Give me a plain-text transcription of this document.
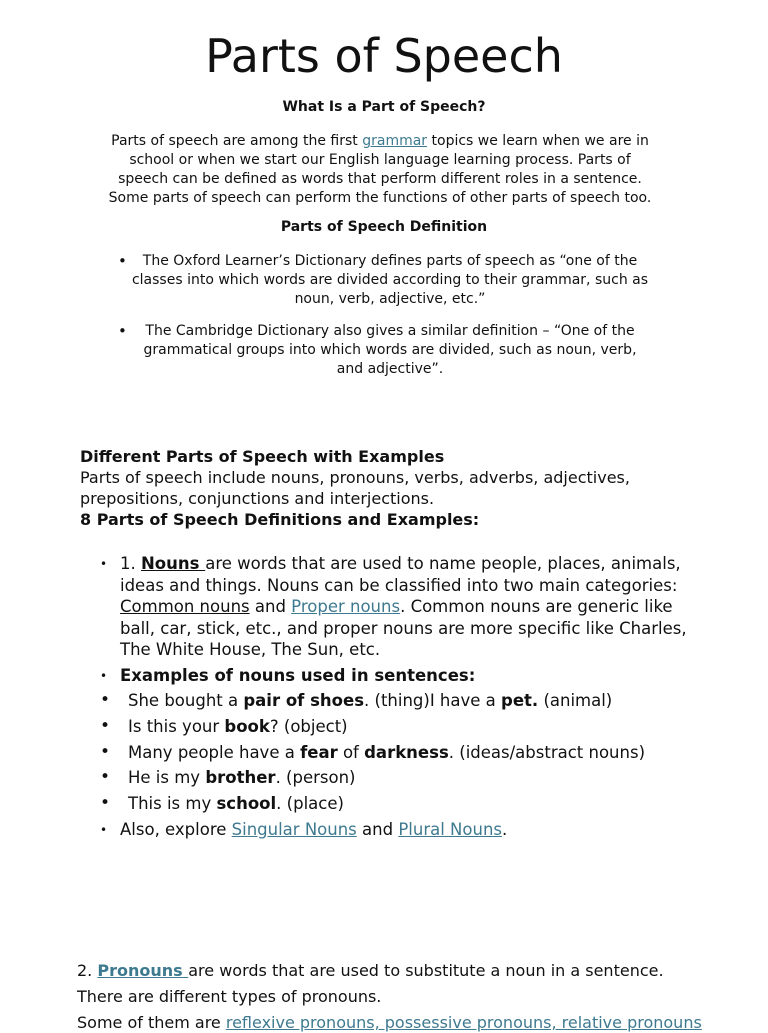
Parts of Speech

What Is a Part of Speech?

Parts of speech are among the first grammar topics we learn when we are in
school or when we start our English language learning process. Parts of
speech can be defined as words that perform different roles in a sentence.
Some parts of speech can perform the functions of other parts of speech too.

Parts of Speech Definition

•	The Oxford Learner’s Dictionary defines parts of speech as “one of the
classes into which words are divided according to their grammar, such as
noun, verb, adjective, etc.”
•	The Cambridge Dictionary also gives a similar definition – “One of the
grammatical groups into which words are divided, such as noun, verb,
and adjective”.
Different Parts of Speech with Examples
Parts of speech include nouns, pronouns, verbs, adverbs, adjectives,
prepositions, conjunctions and interjections.
8 Parts of Speech Definitions and Examples:
• 1. Nouns are words that are used to name people, places, animals,
ideas and things. Nouns can be classified into two main categories:
Common nouns and Proper nouns. Common nouns are generic like
ball, car, stick, etc., and proper nouns are more specific like Charles,
The White House, The Sun, etc.
• Examples of nouns used in sentences:
• She bought a pair of shoes. (thing)I have a pet. (animal)
• Is this your book? (object)
• Many people have a fear of darkness. (ideas/abstract nouns)
• He is my brother. (person)
• This is my school. (place)
• Also, explore Singular Nouns and Plural Nouns.
2. Pronouns are words that are used to substitute a noun in a sentence.
There are different types of pronouns.
Some of them are reflexive pronouns, possessive pronouns, relative pronouns
